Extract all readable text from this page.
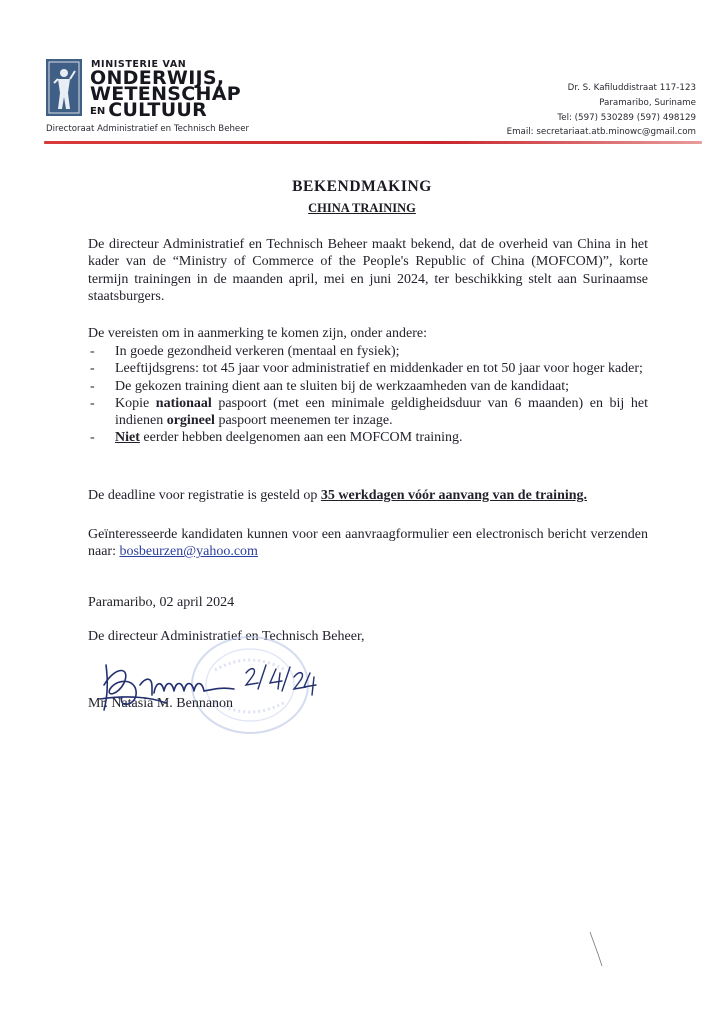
MINISTERIE VAN
ONDERWIJS,
WETENSCHAP
EN CULTUUR
Directoraat Administratief en Technisch Beheer
Dr. S. Kafiluddistraat 117-123
Paramaribo, Suriname
Tel: (597) 530289 (597) 498129
Email: secretariaat.atb.minowc@gmail.com
BEKENDMAKING
CHINA TRAINING
De directeur Administratief en Technisch Beheer maakt bekend, dat de overheid van China in het kader van de “Ministry of Commerce of the People's Republic of China (MOFCOM)”, korte termijn trainingen in de maanden april, mei en juni 2024, ter beschikking stelt aan Surinaamse staatsburgers.
De vereisten om in aanmerking te komen zijn, onder andere:
- In goede gezondheid verkeren (mentaal en fysiek);
- Leeftijdsgrens: tot 45 jaar voor administratief en middenkader en tot 50 jaar voor hoger kader;
- De gekozen training dient aan te sluiten bij de werkzaamheden van de kandidaat;
- Kopie nationaal paspoort (met een minimale geldigheidsduur van 6 maanden) en bij het indienen orgineel paspoort meenemen ter inzage.
- Niet eerder hebben deelgenomen aan een MOFCOM training.
De deadline voor registratie is gesteld op 35 werkdagen vóór aanvang van de training.
Geïnteresseerde kandidaten kunnen voor een aanvraagformulier een electronisch bericht verzenden naar: bosbeurzen@yahoo.com
Paramaribo, 02 april 2024
De directeur Administratief en Technisch Beheer,
Mr. Natasia M. Bennanon
